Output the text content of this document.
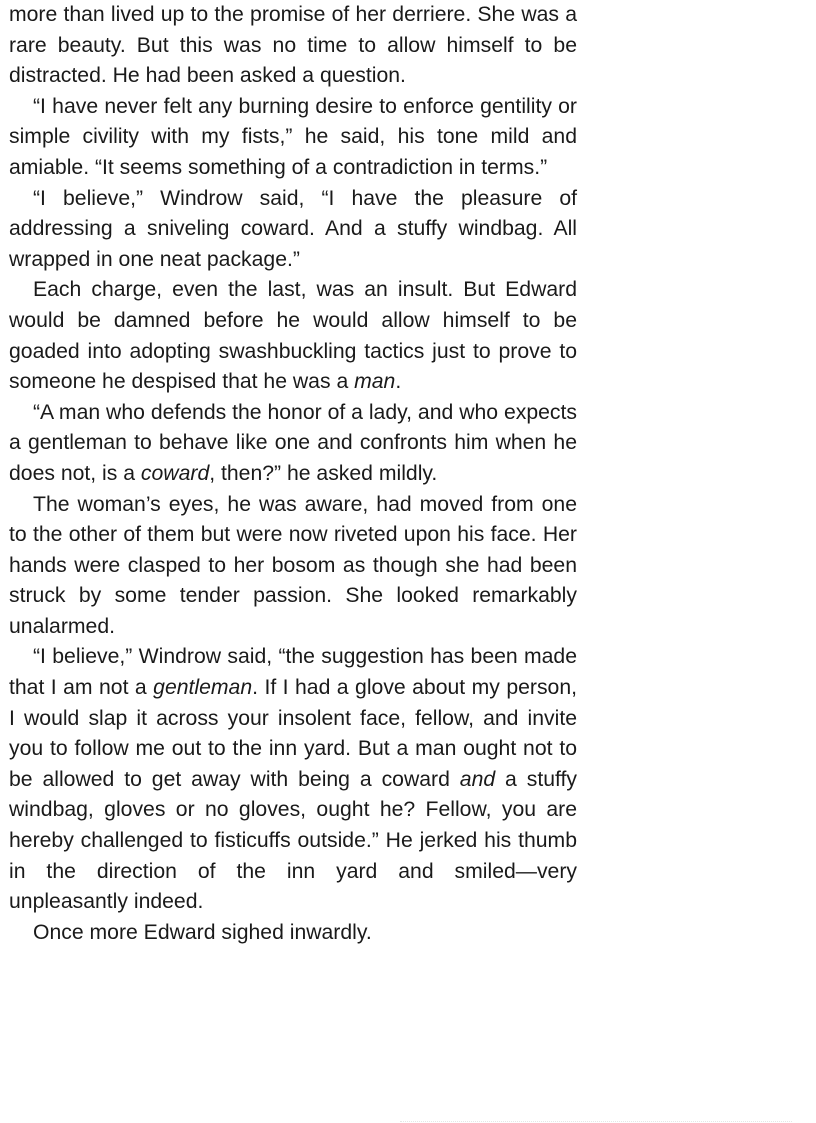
more than lived up to the promise of her derriere. She was a rare beauty. But this was no time to allow himself to be distracted. He had been asked a question.

“I have never felt any burning desire to enforce gentility or simple civility with my fists,” he said, his tone mild and amiable. “It seems something of a contradiction in terms.”

“I believe,” Windrow said, “I have the pleasure of addressing a sniveling coward. And a stuffy windbag. All wrapped in one neat package.”

Each charge, even the last, was an insult. But Edward would be damned before he would allow himself to be goaded into adopting swashbuckling tactics just to prove to someone he despised that he was a man.

“A man who defends the honor of a lady, and who expects a gentleman to behave like one and confronts him when he does not, is a coward, then?” he asked mildly.

The woman’s eyes, he was aware, had moved from one to the other of them but were now riveted upon his face. Her hands were clasped to her bosom as though she had been struck by some tender passion. She looked remarkably unalarmed.

“I believe,” Windrow said, “the suggestion has been made that I am not a gentleman. If I had a glove about my person, I would slap it across your insolent face, fellow, and invite you to follow me out to the inn yard. But a man ought not to be allowed to get away with being a coward and a stuffy windbag, gloves or no gloves, ought he? Fellow, you are hereby challenged to fisticuffs outside.” He jerked his thumb in the direction of the inn yard and smiled—very unpleasantly indeed.

Once more Edward sighed inwardly.
